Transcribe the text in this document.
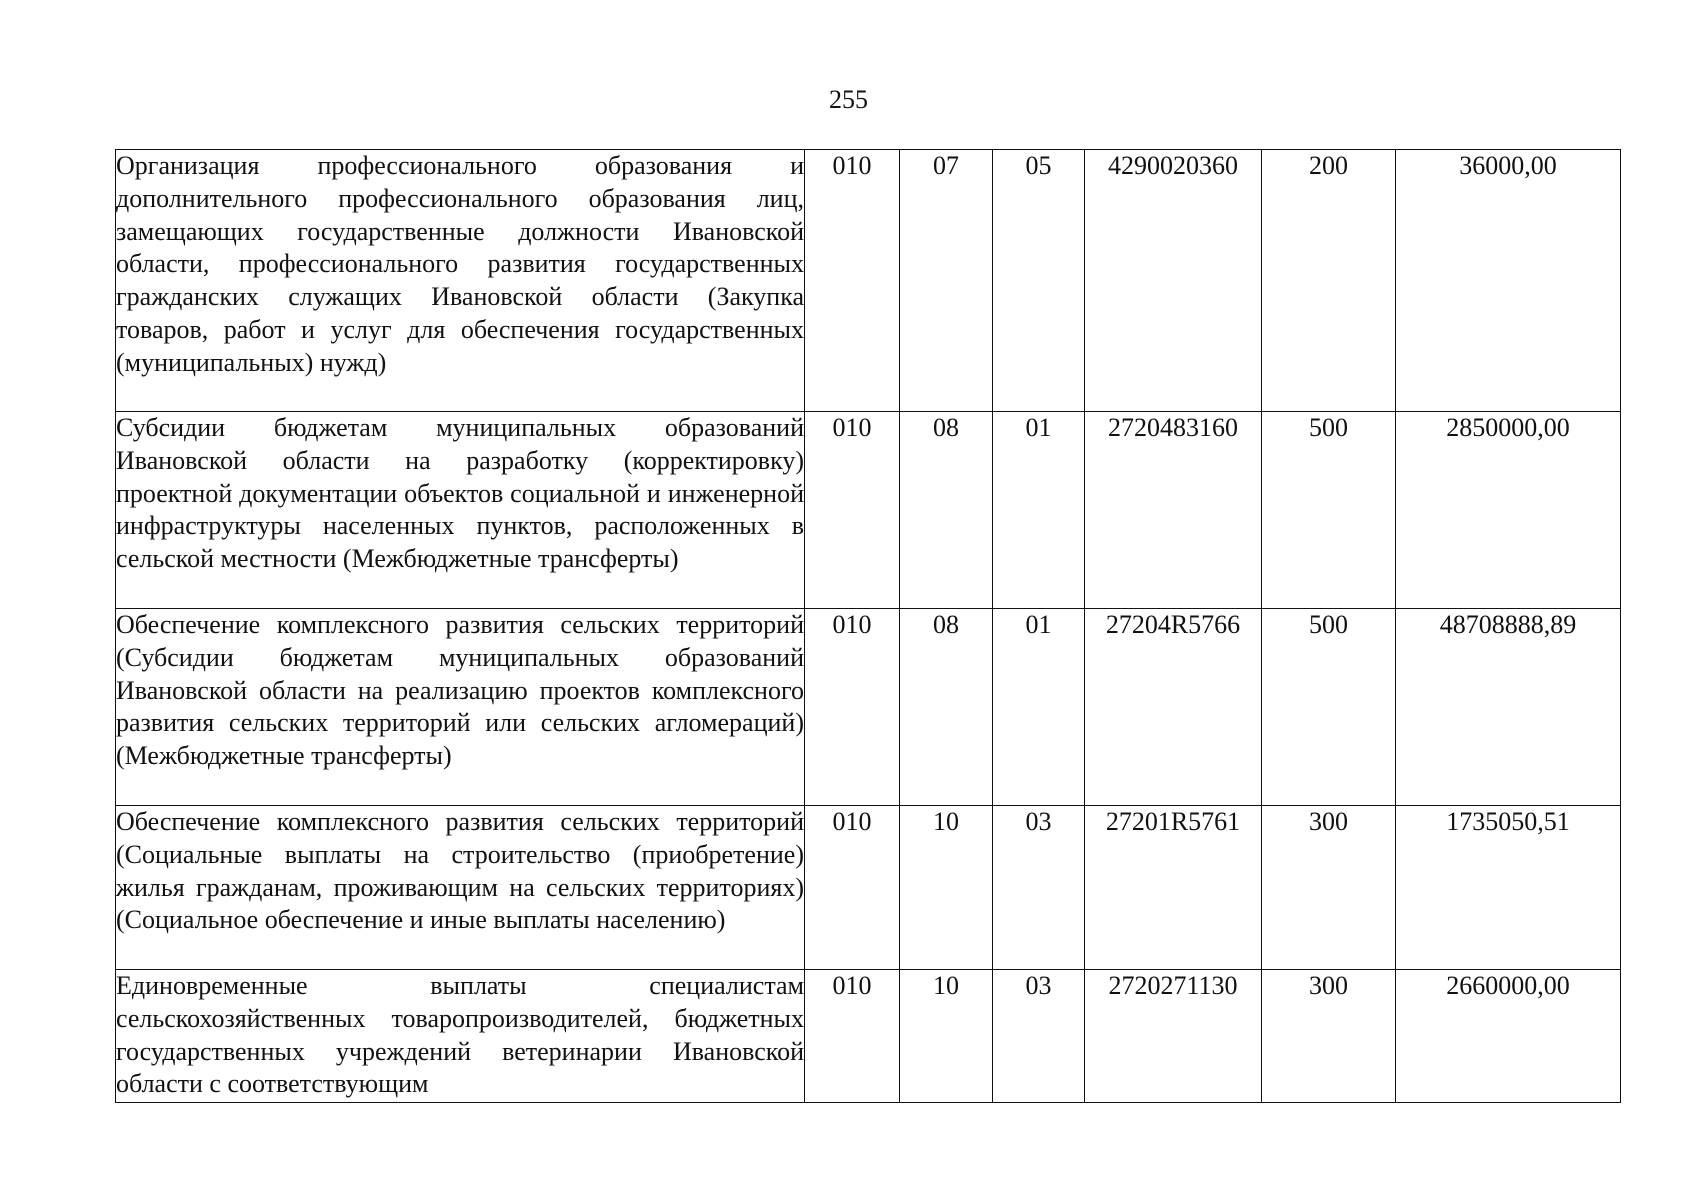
255
Организация профессионального образования и дополнительного профессионального образования лиц, замещающих государственные должности Ивановской области, профессионального развития государственных гражданских служащих Ивановской области (Закупка товаров, работ и услуг для обеспечения государственных (муниципальных) нужд)	010	07	05	4290020360	200	36000,00
Субсидии бюджетам муниципальных образований Ивановской области на разработку (корректировку) проектной документации объектов социальной и инженерной инфраструктуры населенных пунктов, расположенных в сельской местности (Межбюджетные трансферты)	010	08	01	2720483160	500	2850000,00
Обеспечение комплексного развития сельских территорий (Субсидии бюджетам муниципальных образований Ивановской области на реализацию проектов комплексного развития сельских территорий или сельских агломераций) (Межбюджетные трансферты)	010	08	01	27204R5766	500	48708888,89
Обеспечение комплексного развития сельских территорий (Социальные выплаты на строительство (приобретение) жилья гражданам, проживающим на сельских территориях) (Социальное обеспечение и иные выплаты населению)	010	10	03	27201R5761	300	1735050,51
Единовременные выплаты специалистам сельскохозяйственных товаропроизводителей, бюджетных государственных учреждений ветеринарии Ивановской области с соответствующим	010	10	03	2720271130	300	2660000,00
